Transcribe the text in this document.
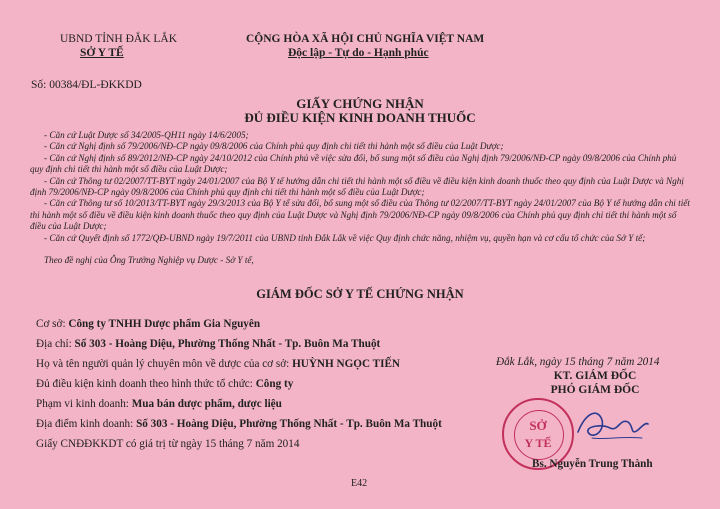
UBND TỈNH ĐẮK LẮK
SỞ Y TẾ
Số: 00384/ĐL-ĐKKDD
CỘNG HÒA XÃ HỘI CHỦ NGHĨA VIỆT NAM
Độc lập - Tự do - Hạnh phúc
GIẤY CHỨNG NHẬN
ĐỦ ĐIỀU KIỆN KINH DOANH THUỐC
- Căn cứ Luật Dược số 34/2005-QH11 ngày 14/6/2005;
- Căn cứ Nghị định số 79/2006/NĐ-CP ngày 09/8/2006 của Chính phủ quy định chi tiết thi hành một số điều của Luật Dược;
- Căn cứ Nghị định số 89/2012/NĐ-CP ngày 24/10/2012 của Chính phủ về việc sửa đổi, bổ sung một số điều của Nghị định 79/2006/NĐ-CP ngày 09/8/2006 của Chính phủ quy định chi tiết thi hành một số điều của Luật Dược;
- Căn cứ Thông tư 02/2007/TT-BYT ngày 24/01/2007 của Bộ Y tế hướng dẫn chi tiết thi hành một số điều về điều kiện kinh doanh thuốc theo quy định của Luật Dược và Nghị định 79/2006/NĐ-CP ngày 09/8/2006 của Chính phủ quy định chi tiết thi hành một số điều của Luật Dược;
- Căn cứ Thông tư số 10/2013/TT-BYT ngày 29/3/2013 của Bộ Y tế sửa đổi, bổ sung một số điều của Thông tư 02/2007/TT-BYT ngày 24/01/2007 của Bộ Y tế hướng dẫn chi tiết thi hành một số điều về điều kiện kinh doanh thuốc theo quy định của Luật Dược và Nghị định 79/2006/NĐ-CP ngày 09/8/2006 của Chính phủ quy định chi tiết thi hành một số điều của Luật Dược;
- Căn cứ Quyết định số 1772/QĐ-UBND ngày 19/7/2011 của UBND tỉnh Đắk Lắk về việc Quy định chức năng, nhiệm vụ, quyền hạn và cơ cấu tổ chức của Sở Y tế;
Theo đề nghị của Ông Trưởng Nghiệp vụ Dược - Sở Y tế,
GIÁM ĐỐC SỞ Y TẾ CHỨNG NHẬN
Cơ sở: Công ty TNHH Dược phẩm Gia Nguyên
Địa chỉ: Số 303 - Hoàng Diệu, Phường Thống Nhất - Tp. Buôn Ma Thuột
Họ và tên người quản lý chuyên môn về dược của cơ sở: HUỲNH NGỌC TIẾN
Đủ điều kiện kinh doanh theo hình thức tổ chức: Công ty
Phạm vi kinh doanh: Mua bán dược phẩm, dược liệu
Địa điểm kinh doanh: Số 303 - Hoàng Diệu, Phường Thống Nhất - Tp. Buôn Ma Thuột
Giấy CNĐĐKKDT có giá trị từ ngày 15 tháng 7 năm 2014
Đắk Lắk, ngày 15 tháng 7 năm 2014
KT. GIÁM ĐỐC
PHÓ GIÁM ĐỐC
SỞ
Y TẾ
Bs. Nguyễn Trung Thành
E42
